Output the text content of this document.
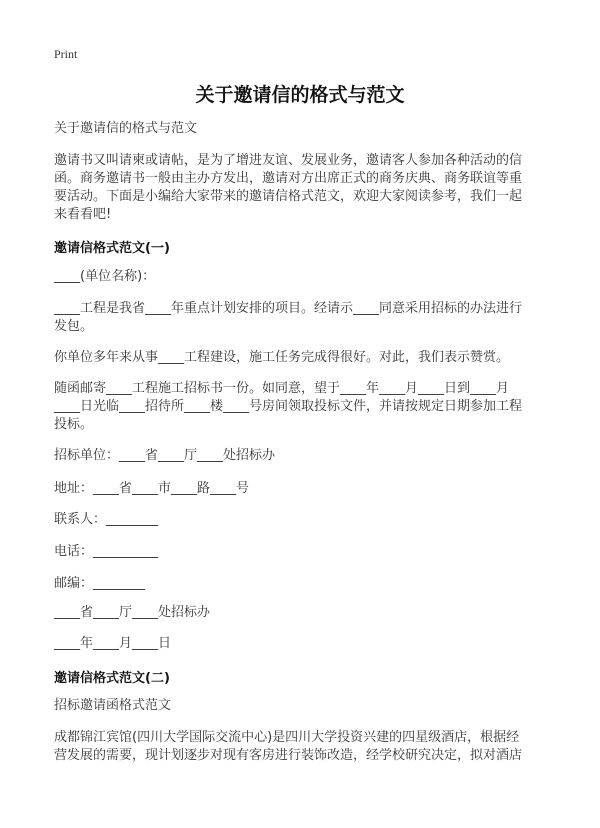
Print
关于邀请信的格式与范文
关于邀请信的格式与范文
邀请书又叫请柬或请帖，是为了增进友谊、发展业务，邀请客人参加各种活动的信
函。商务邀请书一般由主办方发出，邀请对方出席正式的商务庆典、商务联谊等重
要活动。下面是小编给大家带来的邀请信格式范文，欢迎大家阅读参考，我们一起
来看看吧!
邀请信格式范文(一)
____(单位名称)：
____工程是我省____年重点计划安排的项目。经请示____同意采用招标的办法进行
发包。
你单位多年来从事____工程建设，施工任务完成得很好。对此，我们表示赞赏。
随函邮寄____工程施工招标书一份。如同意，望于____年____月____日到____月
____日光临____招待所____楼____号房间领取投标文件，并请按规定日期参加工程
投标。
招标单位：____省____厅____处招标办
地址：____省____市____路____号
联系人：________
电话：__________
邮编：________
____省____厅____处招标办
____年____月____日
邀请信格式范文(二)
招标邀请函格式范文
成都锦江宾馆(四川大学国际交流中心)是四川大学投资兴建的四星级酒店，根据经
营发展的需要，现计划逐步对现有客房进行装饰改造，经学校研究决定，拟对酒店
